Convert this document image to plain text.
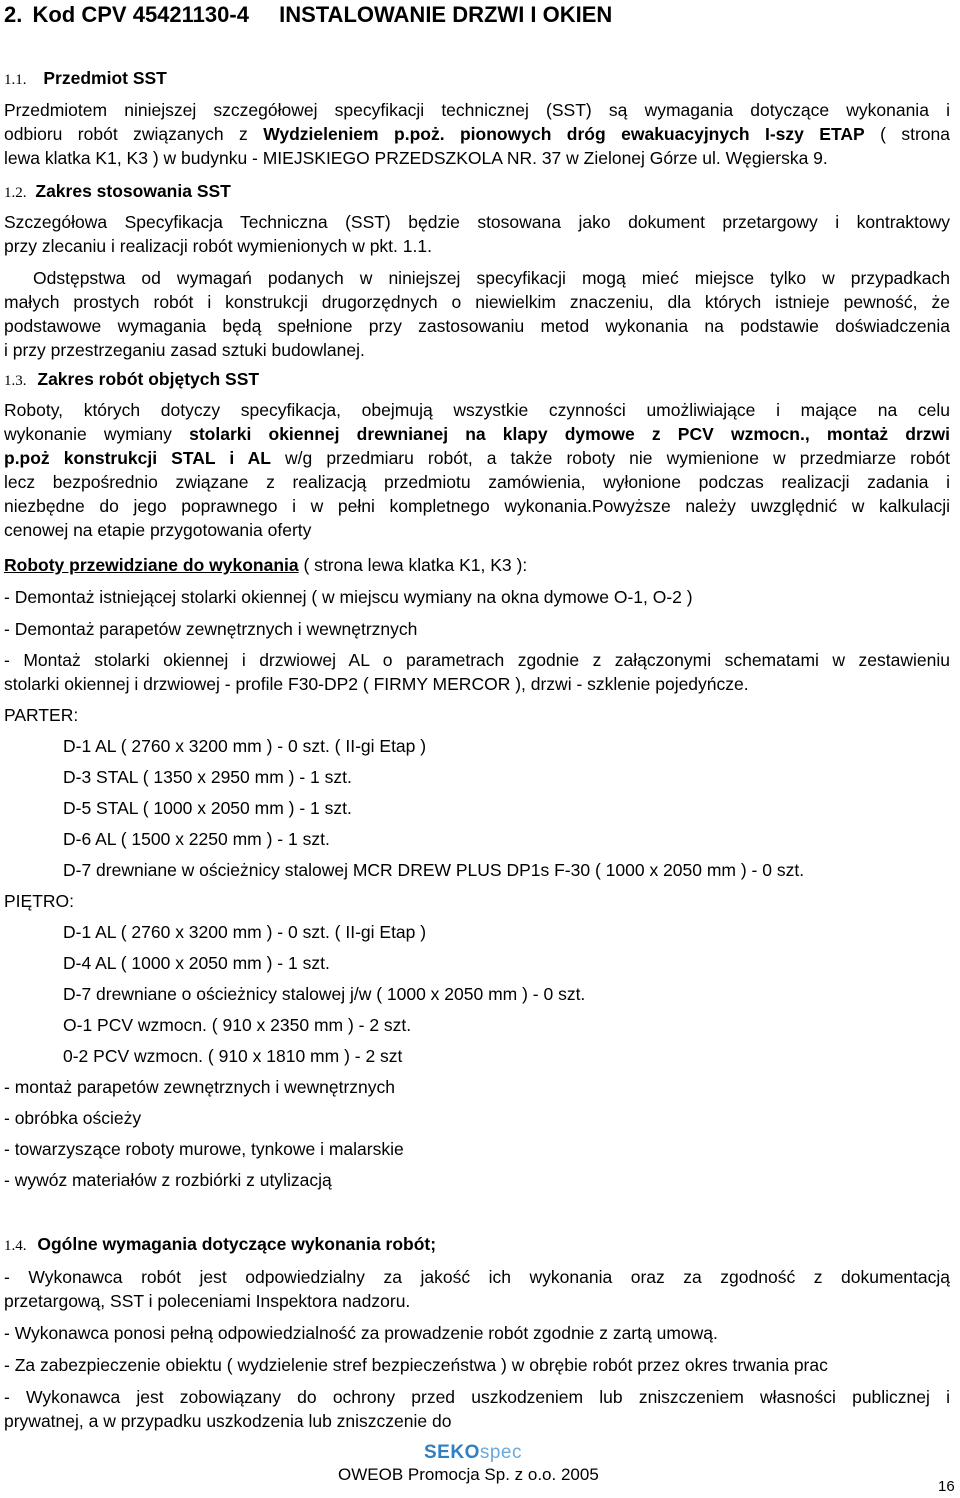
2. Kod CPV 45421130-4 INSTALOWANIE DRZWI I OKIEN
1.1. Przedmiot SST
Przedmiotem niniejszej szczegółowej specyfikacji technicznej (SST) są wymagania dotyczące wykonania i
odbioru robót związanych z Wydzieleniem p.poż. pionowych dróg ewakuacyjnych I-szy ETAP ( strona
lewa klatka K1, K3 ) w budynku - MIEJSKIEGO PRZEDSZKOLA NR. 37 w Zielonej Górze ul. Węgierska 9.
1.2. Zakres stosowania SST
Szczegółowa Specyfikacja Techniczna (SST) będzie stosowana jako dokument przetargowy i kontraktowy
przy zlecaniu i realizacji robót wymienionych w pkt. 1.1.
Odstępstwa od wymagań podanych w niniejszej specyfikacji mogą mieć miejsce tylko w przypadkach
małych prostych robót i konstrukcji drugorzędnych o niewielkim znaczeniu, dla których istnieje pewność, że
podstawowe wymagania będą spełnione przy zastosowaniu metod wykonania na podstawie doświadczenia
i przy przestrzeganiu zasad sztuki budowlanej.
1.3. Zakres robót objętych SST
Roboty, których dotyczy specyfikacja, obejmują wszystkie czynności umożliwiające i mające na celu
wykonanie wymiany stolarki okiennej drewnianej na klapy dymowe z PCV wzmocn., montaż drzwi
p.poż konstrukcji STAL i AL w/g przedmiaru robót, a także roboty nie wymienione w przedmiarze robót
lecz bezpośrednio związane z realizacją przedmiotu zamówienia, wyłonione podczas realizacji zadania i
niezbędne do jego poprawnego i w pełni kompletnego wykonania.Powyższe należy uwzględnić w kalkulacji
cenowej na etapie przygotowania oferty
Roboty przewidziane do wykonania ( strona lewa klatka K1, K3 ):
- Demontaż istniejącej stolarki okiennej ( w miejscu wymiany na okna dymowe O-1, O-2 )
- Demontaż parapetów zewnętrznych i wewnętrznych
- Montaż stolarki okiennej i drzwiowej AL o parametrach zgodnie z załączonymi schematami w zestawieniu
stolarki okiennej i drzwiowej - profile F30-DP2 ( FIRMY MERCOR ), drzwi - szklenie pojedyńcze.
PARTER:
D-1 AL ( 2760 x 3200 mm ) - 0 szt. ( II-gi Etap )
D-3 STAL ( 1350 x 2950 mm ) - 1 szt.
D-5 STAL ( 1000 x 2050 mm ) - 1 szt.
D-6 AL ( 1500 x 2250 mm ) - 1 szt.
D-7 drewniane w ościeżnicy stalowej MCR DREW PLUS DP1s F-30 ( 1000 x 2050 mm ) - 0 szt.
PIĘTRO:
D-1 AL ( 2760 x 3200 mm ) - 0 szt. ( II-gi Etap )
D-4 AL ( 1000 x 2050 mm ) - 1 szt.
D-7 drewniane o ościeżnicy stalowej j/w ( 1000 x 2050 mm ) - 0 szt.
O-1 PCV wzmocn. ( 910 x 2350 mm ) - 2 szt.
0-2 PCV wzmocn. ( 910 x 1810 mm ) - 2 szt
- montaż parapetów zewnętrznych i wewnętrznych
- obróbka ościeży
- towarzyszące roboty murowe, tynkowe i malarskie
- wywóz materiałów z rozbiórki z utylizacją
1.4. Ogólne wymagania dotyczące wykonania robót;
- Wykonawca robót jest odpowiedzialny za jakość ich wykonania oraz za zgodność z dokumentacją
przetargową, SST i poleceniami Inspektora nadzoru.
- Wykonawca ponosi pełną odpowiedzialność za prowadzenie robót zgodnie z zartą umową.
- Za zabezpieczenie obiektu ( wydzielenie stref bezpieczeństwa ) w obrębie robót przez okres trwania prac
- Wykonawca jest zobowiązany do ochrony przed uszkodzeniem lub zniszczeniem własności publicznej i
prywatnej, a w przypadku uszkodzenia lub zniszczenie do
SEKOspec
OWEOB Promocja Sp. z o.o. 2005
16
